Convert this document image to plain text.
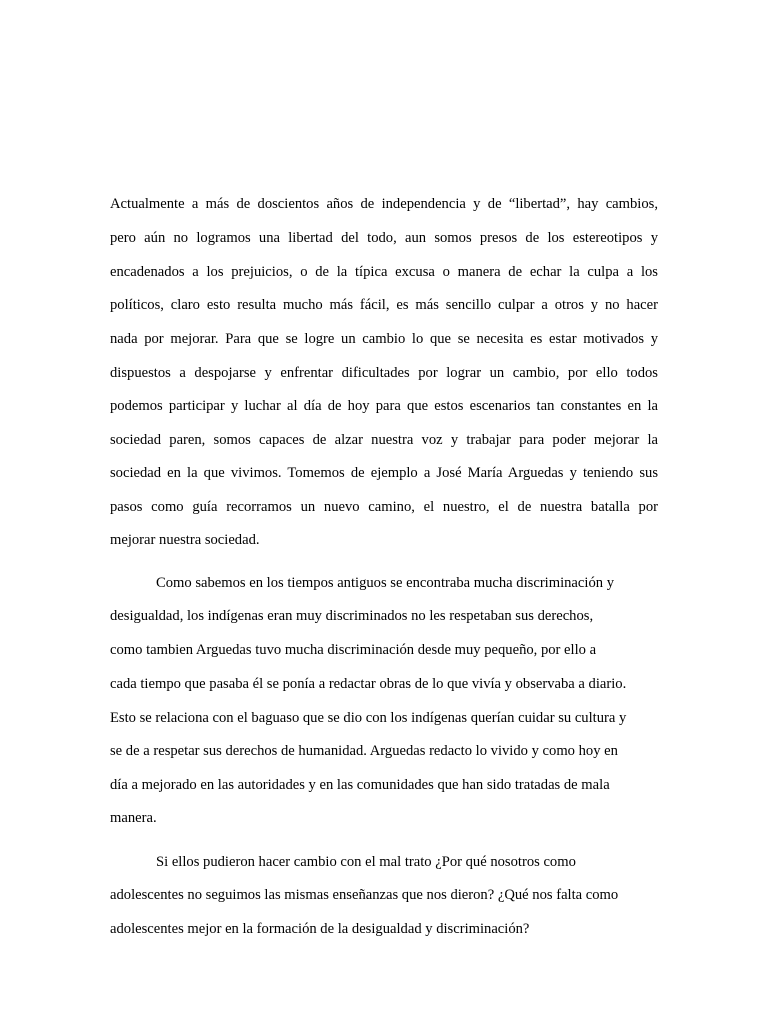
Actualmente a más de doscientos años de independencia y de “libertad”, hay cambios,
pero aún no logramos una libertad del todo, aun somos presos de los estereotipos y
encadenados a los prejuicios, o de la típica excusa o manera de echar la culpa a los
políticos, claro esto resulta mucho más fácil, es más sencillo culpar a otros y no hacer
nada por mejorar. Para que se logre un cambio lo que se necesita es estar motivados y
dispuestos a despojarse y enfrentar dificultades por lograr un cambio, por ello todos
podemos participar y luchar al día de hoy para que estos escenarios tan constantes en la
sociedad paren, somos capaces de alzar nuestra voz y trabajar para poder mejorar la
sociedad en la que vivimos. Tomemos de ejemplo a José María Arguedas y teniendo sus
pasos como guía recorramos un nuevo camino, el nuestro, el de nuestra batalla por
mejorar nuestra sociedad.
Como sabemos en los tiempos antiguos se encontraba mucha discriminación y
desigualdad, los indígenas eran muy discriminados no les respetaban sus derechos,
como tambien Arguedas tuvo mucha discriminación desde muy pequeño, por ello a
cada tiempo que pasaba él se ponía a redactar obras de lo que vivía y observaba a diario.
Esto se relaciona con el baguaso que se dio con los indígenas querían cuidar su cultura y
se de a respetar sus derechos de humanidad. Arguedas redacto lo vivido y como hoy en
día a mejorado en las autoridades y en las comunidades que han sido tratadas de mala
manera.
Si ellos pudieron hacer cambio con el mal trato ¿Por qué nosotros como
adolescentes no seguimos las mismas enseñanzas que nos dieron? ¿Qué nos falta como
adolescentes mejor en la formación de la desigualdad y discriminación?
